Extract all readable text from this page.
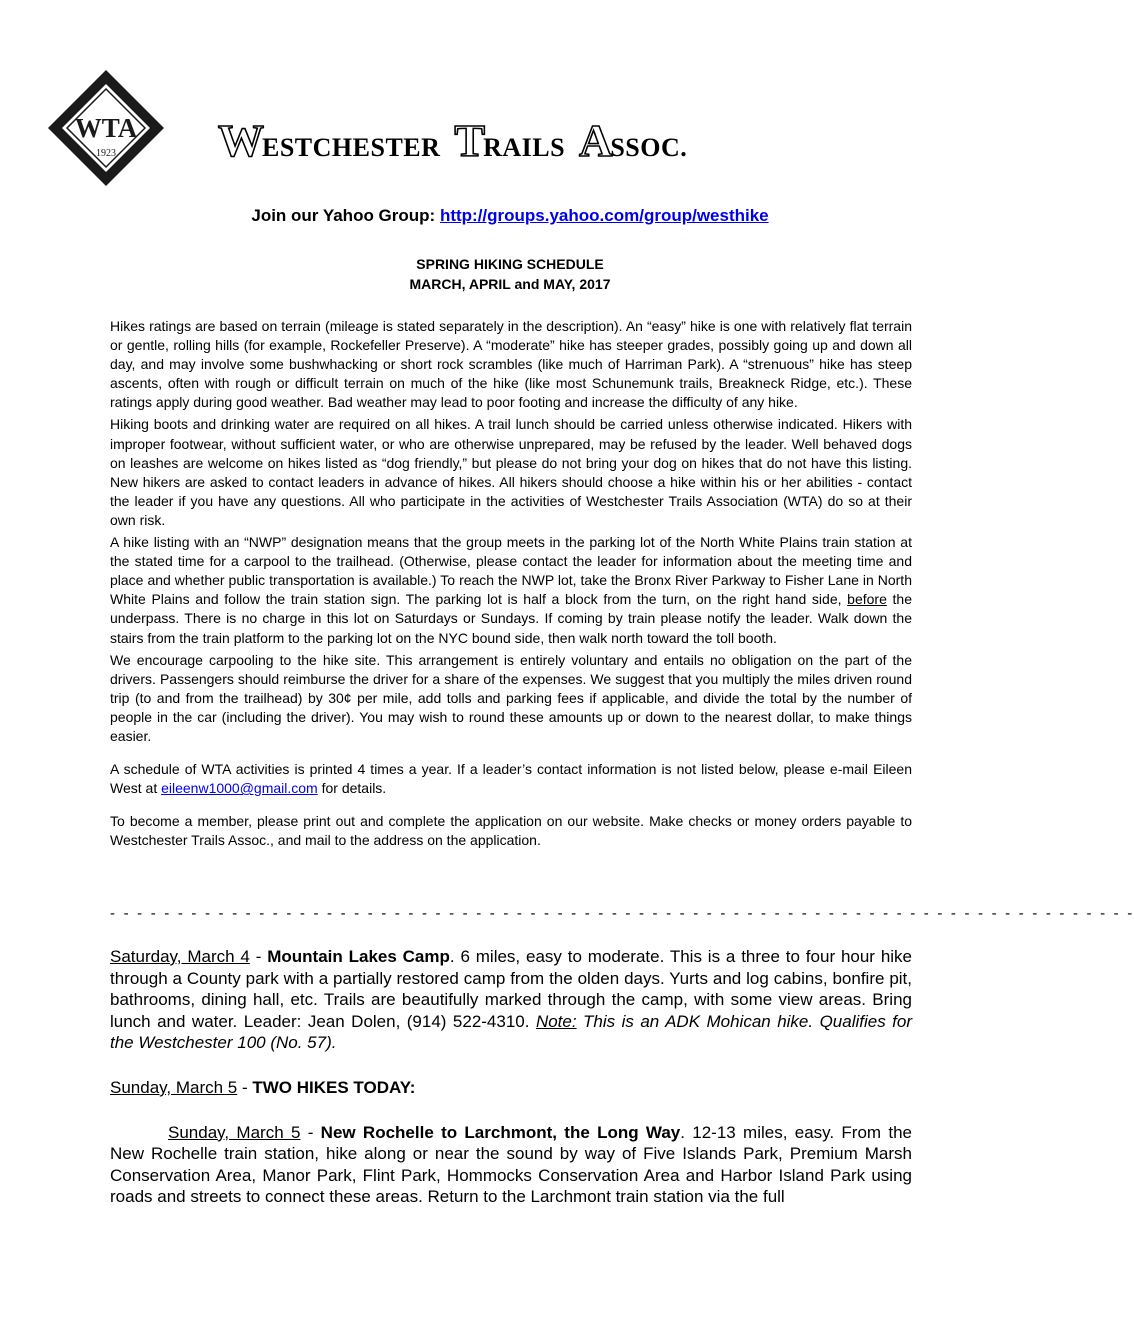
WTA
1923 WESTCHESTER TRAILS ASSOC.
Join our Yahoo Group: http://groups.yahoo.com/group/westhike
SPRING HIKING SCHEDULE
MARCH, APRIL and MAY, 2017

Hikes ratings are based on terrain (mileage is stated separately in the description). An “easy” hike is one with relatively flat terrain or gentle, rolling hills (for example, Rockefeller Preserve). A “moderate” hike has steeper grades, possibly going up and down all day, and may involve some bushwhacking or short rock scrambles (like much of Harriman Park). A “strenuous” hike has steep ascents, often with rough or difficult terrain on much of the hike (like most Schunemunk trails, Breakneck Ridge, etc.). These ratings apply during good weather. Bad weather may lead to poor footing and increase the difficulty of any hike.

Hiking boots and drinking water are required on all hikes. A trail lunch should be carried unless otherwise indicated. Hikers with improper footwear, without sufficient water, or who are otherwise unprepared, may be refused by the leader. Well behaved dogs on leashes are welcome on hikes listed as “dog friendly,” but please do not bring your dog on hikes that do not have this listing. New hikers are asked to contact leaders in advance of hikes. All hikers should choose a hike within his or her abilities - contact the leader if you have any questions. All who participate in the activities of Westchester Trails Association (WTA) do so at their own risk.

A hike listing with an “NWP” designation means that the group meets in the parking lot of the North White Plains train station at the stated time for a carpool to the trailhead. (Otherwise, please contact the leader for information about the meeting time and place and whether public transportation is available.) To reach the NWP lot, take the Bronx River Parkway to Fisher Lane in North White Plains and follow the train station sign. The parking lot is half a block from the turn, on the right hand side, before the underpass. There is no charge in this lot on Saturdays or Sundays. If coming by train please notify the leader. Walk down the stairs from the train platform to the parking lot on the NYC bound side, then walk north toward the toll booth.

We encourage carpooling to the hike site. This arrangement is entirely voluntary and entails no obligation on the part of the drivers. Passengers should reimburse the driver for a share of the expenses. We suggest that you multiply the miles driven round trip (to and from the trailhead) by 30¢ per mile, add tolls and parking fees if applicable, and divide the total by the number of people in the car (including the driver). You may wish to round these amounts up or down to the nearest dollar, to make things easier.

A schedule of WTA activities is printed 4 times a year. If a leader’s contact information is not listed below, please e-mail Eileen West at eileenw1000@gmail.com for details.

To become a member, please print out and complete the application on our website. Make checks or money orders payable to Westchester Trails Assoc., and mail to the address on the application.

- - - - - - - - - - - - - - - - - - - - - - - - - - - - - - - - - - - - - - - - - - - - - - - - - - - - - - - - - - - - - - - - - - - - - - - - - - - -

Saturday, March 4 - Mountain Lakes Camp. 6 miles, easy to moderate. This is a three to four hour hike through a County park with a partially restored camp from the olden days. Yurts and log cabins, bonfire pit, bathrooms, dining hall, etc. Trails are beautifully marked through the camp, with some view areas. Bring lunch and water. Leader: Jean Dolen, (914) 522-4310. Note: This is an ADK Mohican hike. Qualifies for the Westchester 100 (No. 57).

Sunday, March 5 - TWO HIKES TODAY:

Sunday, March 5 - New Rochelle to Larchmont, the Long Way. 12-13 miles, easy. From the New Rochelle train station, hike along or near the sound by way of Five Islands Park, Premium Marsh Conservation Area, Manor Park, Flint Park, Hommocks Conservation Area and Harbor Island Park using roads and streets to connect these areas. Return to the Larchmont train station via the full
